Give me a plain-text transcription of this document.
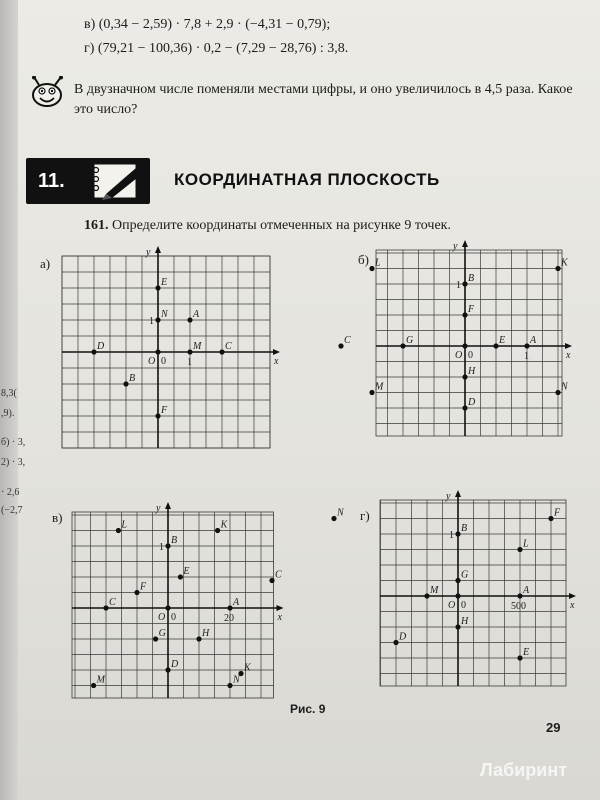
8,3(
,9).
б) · 3,
2) · 3,
· 2,6
(−2,7
в) (0,34 − 2,59) · 7,8 + 2,9 · (−4,31 − 0,79);
г) (79,21 − 100,36) · 0,2 − (7,29 − 28,76) : 3,8.
В двузначном числе поменяли местами цифры, и оно увеличилось в 4,5 раза. Какое это число?
11.	КООРДИНАТНАЯ ПЛОСКОСТЬ
161. Определите координаты отмеченных на рисунке 9 точек.
а)	б)
в)	г)
x
y
0 1
1
E
N	A
M C
D
O
B
F
x
y
0	1
1
L	K
B
F
C	G	E A
O
H
M	N
D
x
y
0	20
1
L	K
B
E
F
C	A
O
G	H
D
M	N
x
y
0	500
1
N	F
B
L
G
C
A
M
O
H
D
E
K
Рис. 9
29
Лабиринт
